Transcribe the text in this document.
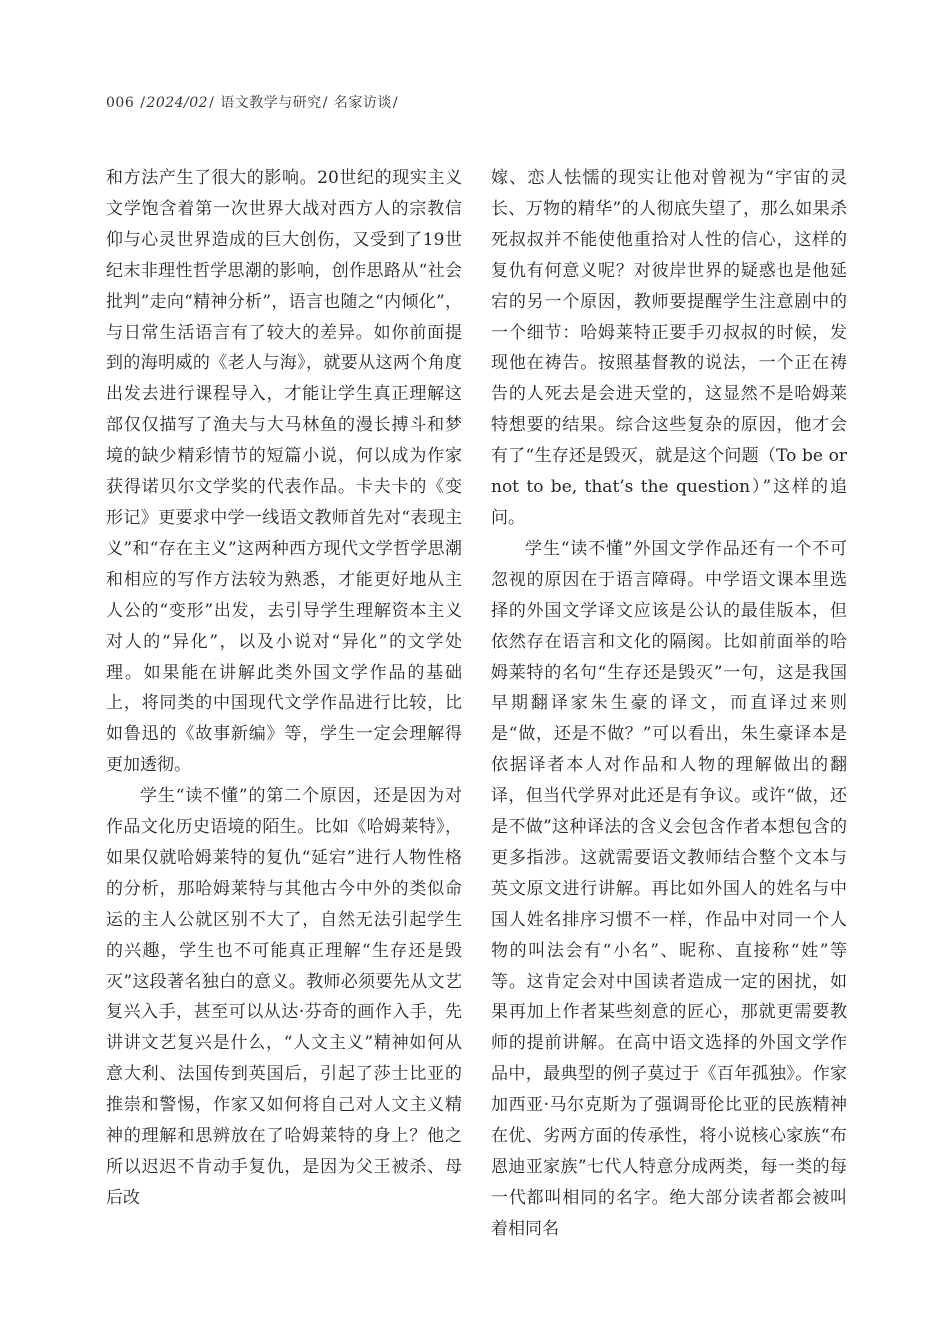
006 /2024/02/ 语文教学与研究/ 名家访谈/

和方法产生了很大的影响。20世纪的现实主义文学饱含着第一次世界大战对西方人的宗教信仰与心灵世界造成的巨大创伤，又受到了19世纪末非理性哲学思潮的影响，创作思路从“社会批判”走向“精神分析”，语言也随之“内倾化”，与日常生活语言有了较大的差异。如你前面提到的海明威的《老人与海》，就要从这两个角度出发去进行课程导入，才能让学生真正理解这部仅仅描写了渔夫与大马林鱼的漫长搏斗和梦境的缺少精彩情节的短篇小说，何以成为作家获得诺贝尔文学奖的代表作品。卡夫卡的《变形记》更要求中学一线语文教师首先对“表现主义”和“存在主义”这两种西方现代文学哲学思潮和相应的写作方法较为熟悉，才能更好地从主人公的“变形”出发，去引导学生理解资本主义对人的“异化”，以及小说对“异化”的文学处理。如果能在讲解此类外国文学作品的基础上，将同类的中国现代文学作品进行比较，比如鲁迅的《故事新编》等，学生一定会理解得更加透彻。

学生“读不懂”的第二个原因，还是因为对作品文化历史语境的陌生。比如《哈姆莱特》，如果仅就哈姆莱特的复仇“延宕”进行人物性格的分析，那哈姆莱特与其他古今中外的类似命运的主人公就区别不大了，自然无法引起学生的兴趣，学生也不可能真正理解“生存还是毁灭”这段著名独白的意义。教师必须要先从文艺复兴入手，甚至可以从达·芬奇的画作入手，先讲讲文艺复兴是什么，“人文主义”精神如何从意大利、法国传到英国后，引起了莎士比亚的推崇和警惕，作家又如何将自己对人文主义精神的理解和思辨放在了哈姆莱特的身上？他之所以迟迟不肯动手复仇，是因为父王被杀、母后改

嫁、恋人怯懦的现实让他对曾视为“宇宙的灵长、万物的精华”的人彻底失望了，那么如果杀死叔叔并不能使他重拾对人性的信心，这样的复仇有何意义呢？对彼岸世界的疑惑也是他延宕的另一个原因，教师要提醒学生注意剧中的一个细节：哈姆莱特正要手刃叔叔的时候，发现他在祷告。按照基督教的说法，一个正在祷告的人死去是会进天堂的，这显然不是哈姆莱特想要的结果。综合这些复杂的原因，他才会有了“生存还是毁灭，就是这个问题（To be or not to be, that’s the question）”这样的追问。

学生“读不懂”外国文学作品还有一个不可忽视的原因在于语言障碍。中学语文课本里选择的外国文学译文应该是公认的最佳版本，但依然存在语言和文化的隔阂。比如前面举的哈姆莱特的名句“生存还是毁灭”一句，这是我国早期翻译家朱生豪的译文，而直译过来则是“做，还是不做？”可以看出，朱生豪译本是依据译者本人对作品和人物的理解做出的翻译，但当代学界对此还是有争议。或许“做，还是不做”这种译法的含义会包含作者本想包含的更多指涉。这就需要语文教师结合整个文本与英文原文进行讲解。再比如外国人的姓名与中国人姓名排序习惯不一样，作品中对同一个人物的叫法会有“小名”、昵称、直接称“姓”等等。这肯定会对中国读者造成一定的困扰，如果再加上作者某些刻意的匠心，那就更需要教师的提前讲解。在高中语文选择的外国文学作品中，最典型的例子莫过于《百年孤独》。作家加西亚·马尔克斯为了强调哥伦比亚的民族精神在优、劣两方面的传承性，将小说核心家族“布恩迪亚家族”七代人特意分成两类，每一类的每一代都叫相同的名字。绝大部分读者都会被叫着相同名
